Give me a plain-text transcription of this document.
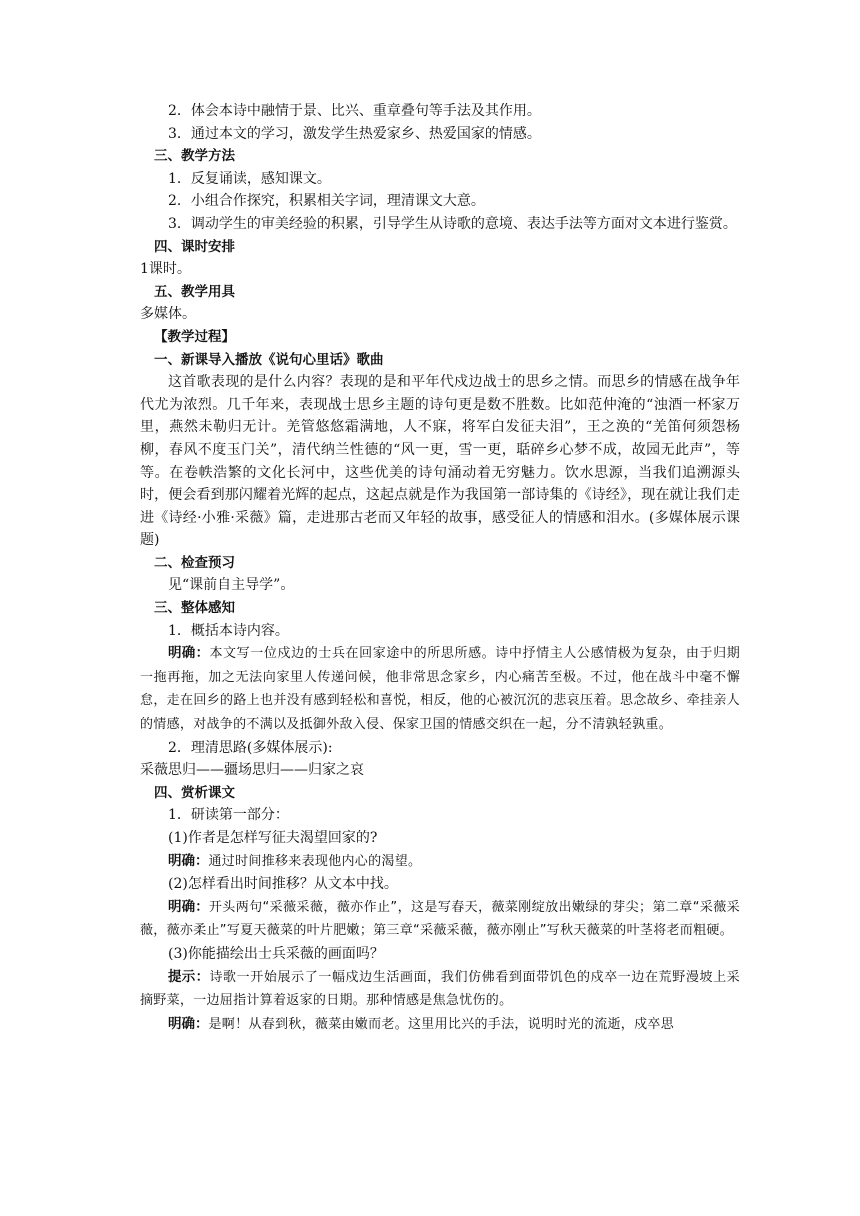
2．体会本诗中融情于景、比兴、重章叠句等手法及其作用。

3．通过本文的学习，激发学生热爱家乡、热爱国家的情感。

三、教学方法

1．反复诵读，感知课文。

2．小组合作探究，积累相关字词，理清课文大意。

3．调动学生的审美经验的积累，引导学生从诗歌的意境、表达手法等方面对文本进行鉴赏。

四、课时安排

1课时。

五、教学用具

多媒体。

【教学过程】

一、新课导入播放《说句心里话》歌曲

这首歌表现的是什么内容？表现的是和平年代戍边战士的思乡之情。而思乡的情感在战争年代尤为浓烈。几千年来，表现战士思乡主题的诗句更是数不胜数。比如范仲淹的“浊酒一杯家万里，燕然未勒归无计。羌管悠悠霜满地，人不寐，将军白发征夫泪”，王之涣的“羌笛何须怨杨柳，春风不度玉门关”，清代纳兰性德的“风一更，雪一更，聒碎乡心梦不成，故园无此声”，等等。在卷帙浩繁的文化长河中，这些优美的诗句涌动着无穷魅力。饮水思源，当我们追溯源头时，便会看到那闪耀着光辉的起点，这起点就是作为我国第一部诗集的《诗经》，现在就让我们走进《诗经·小雅·采薇》篇，走进那古老而又年轻的故事，感受征人的情感和泪水。(多媒体展示课题)

二、检查预习

见“课前自主导学”。

三、整体感知

1．概括本诗内容。

明确：本文写一位戍边的士兵在回家途中的所思所感。诗中抒情主人公感情极为复杂，由于归期一拖再拖，加之无法向家里人传递问候，他非常思念家乡，内心痛苦至极。不过，他在战斗中毫不懈怠，走在回乡的路上也并没有感到轻松和喜悦，相反，他的心被沉沉的悲哀压着。思念故乡、牵挂亲人的情感，对战争的不满以及抵御外敌入侵、保家卫国的情感交织在一起，分不清孰轻孰重。

2．理清思路(多媒体展示):

采薇思归——疆场思归——归家之哀

四、赏析课文

1．研读第一部分：

(1)作者是怎样写征夫渴望回家的?

明确：通过时间推移来表现他内心的渴望。

(2)怎样看出时间推移？从文本中找。

明确：开头两句“采薇采薇，薇亦作止”，这是写春天，薇菜刚绽放出嫩绿的芽尖；第二章“采薇采薇，薇亦柔止”写夏天薇菜的叶片肥嫩；第三章“采薇采薇，薇亦刚止”写秋天薇菜的叶茎将老而粗硬。

(3)你能描绘出士兵采薇的画面吗？

提示：诗歌一开始展示了一幅戍边生活画面，我们仿佛看到面带饥色的戍卒一边在荒野漫坡上采摘野菜，一边屈指计算着返家的日期。那种情感是焦急忧伤的。

明确：是啊！从春到秋，薇菜由嫩而老。这里用比兴的手法，说明时光的流逝，戍卒思
